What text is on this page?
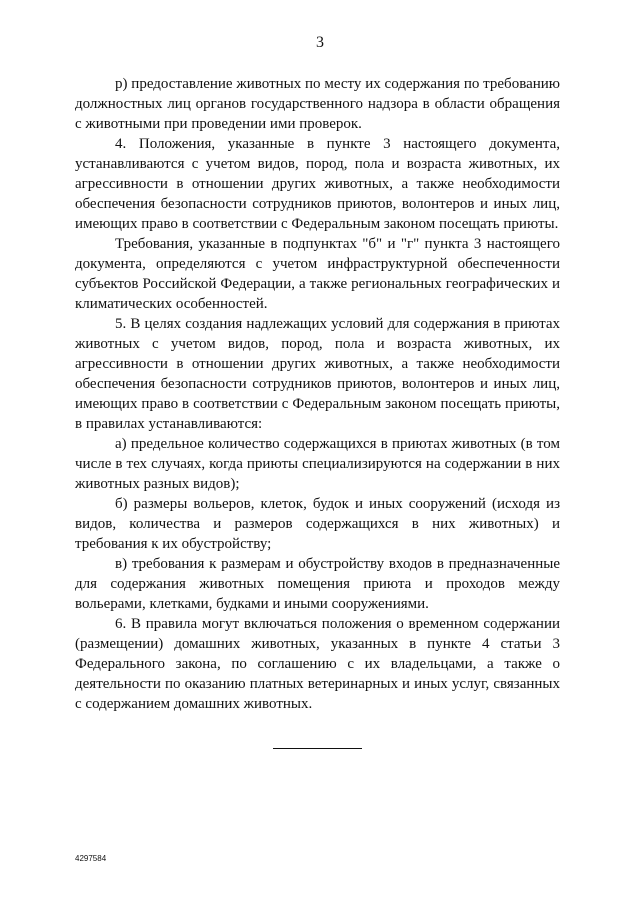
3

р) предоставление животных по месту их содержания по требованию должностных лиц органов государственного надзора в области обращения с животными при проведении ими проверок.

4. Положения, указанные в пункте 3 настоящего документа, устанавливаются с учетом видов, пород, пола и возраста животных, их агрессивности в отношении других животных, а также необходимости обеспечения безопасности сотрудников приютов, волонтеров и иных лиц, имеющих право в соответствии с Федеральным законом посещать приюты.

Требования, указанные в подпунктах "б" и "г" пункта 3 настоящего документа, определяются с учетом инфраструктурной обеспеченности субъектов Российской Федерации, а также региональных географических и климатических особенностей.

5. В целях создания надлежащих условий для содержания в приютах животных с учетом видов, пород, пола и возраста животных, их агрессивности в отношении других животных, а также необходимости обеспечения безопасности сотрудников приютов, волонтеров и иных лиц, имеющих право в соответствии с Федеральным законом посещать приюты, в правилах устанавливаются:

а) предельное количество содержащихся в приютах животных (в том числе в тех случаях, когда приюты специализируются на содержании в них животных разных видов);

б) размеры вольеров, клеток, будок и иных сооружений (исходя из видов, количества и размеров содержащихся в них животных) и требования к их обустройству;

в) требования к размерам и обустройству входов в предназначенные для содержания животных помещения приюта и проходов между вольерами, клетками, будками и иными сооружениями.

6. В правила могут включаться положения о временном содержании (размещении) домашних животных, указанных в пункте 4 статьи 3 Федерального закона, по соглашению с их владельцами, а также о деятельности по оказанию платных ветеринарных и иных услуг, связанных с содержанием домашних животных.

4297584
